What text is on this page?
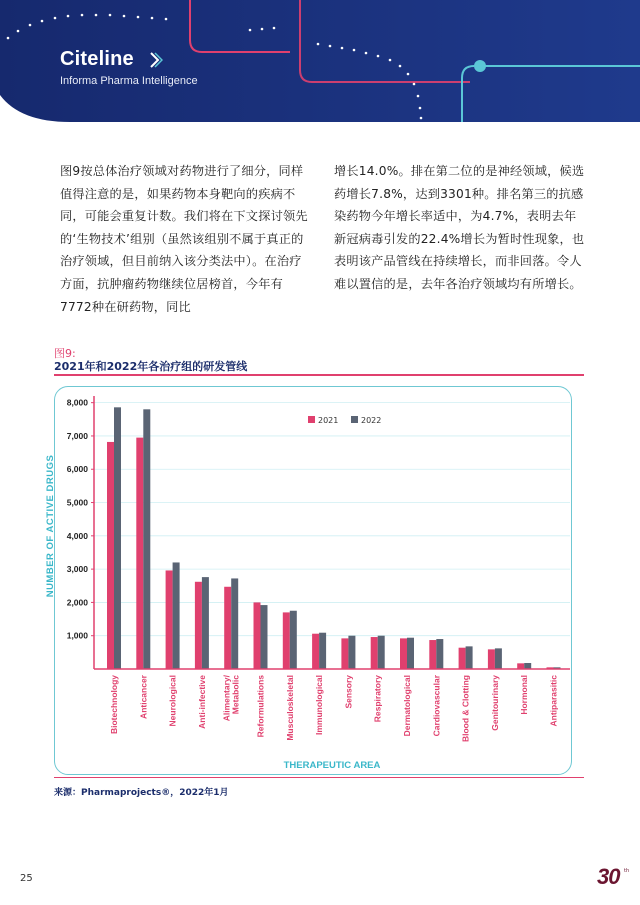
Citeline
Informa Pharma Intelligence
图9按总体治疗领域对药物进行了细分，同样值得注意的是，如果药物本身靶向的疾病不同，可能会重复计数。我们将在下文探讨领先的‘生物技术’组别（虽然该组别不属于真正的治疗领域，但目前纳入该分类法中）。在治疗方面，抗肿瘤药物继续位居榜首，今年有7772种在研药物，同比
增长14.0%。排在第二位的是神经领域，候选药增长7.8%，达到3301种。排名第三的抗感染药物今年增长率适中，为4.7%，表明去年新冠病毒引发的22.4%增长为暂时性现象，也表明该产品管线在持续增长，而非回落。令人难以置信的是，去年各治疗领域均有所增长。
图9:
2021年和2022年各治疗组的研发管线
1,000
2,000
3,000
4,000
5,000
6,000
7,000
8,000
Biotechnology Anticancer Neurological Anti-infective Alimentary/ Metabolic Reformulations Musculoskeletal Immunological Sensory Respiratory Dermatological Cardiovascular Blood & Clotting Genitourinary Hormonal Antiparasitic
NUMBER OF ACTIVE DRUGS
THERAPEUTIC AREA
2021	2022
来源：Pharmaprojects®，2022年1月
25	30 th
